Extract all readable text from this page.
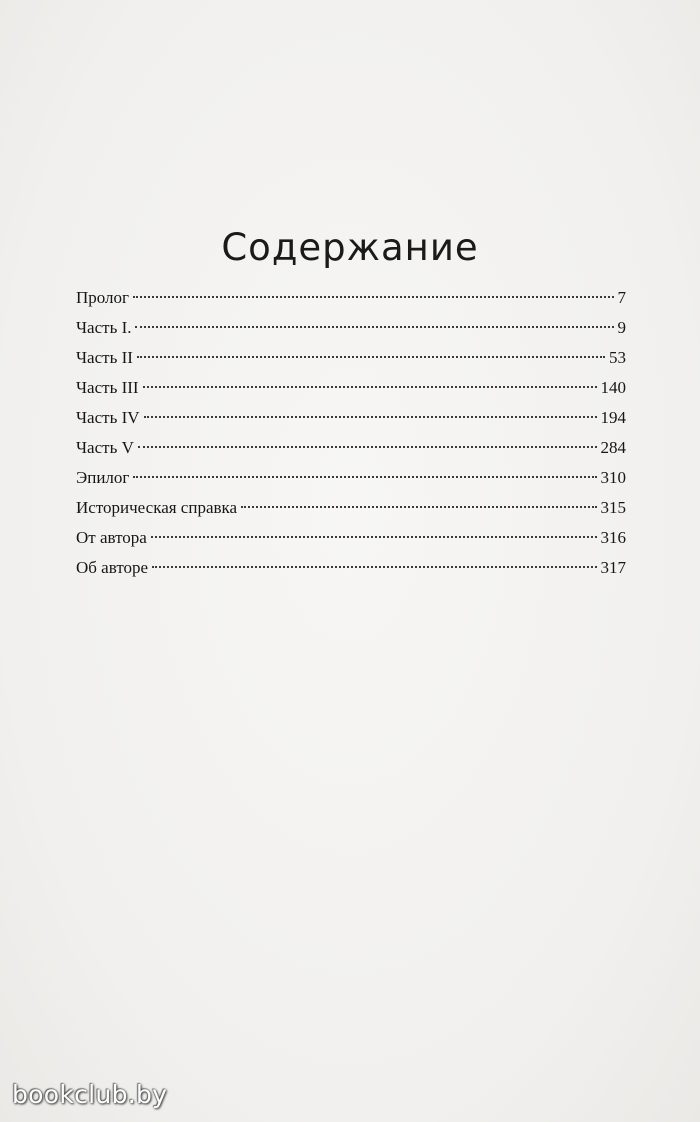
Содержание
Пролог	7
Часть I.	9
Часть II	53
Часть III	140
Часть IV	194
Часть V	284
Эпилог	310
Историческая справка	315
От автора	316
Об авторе	317
bookclub.by
